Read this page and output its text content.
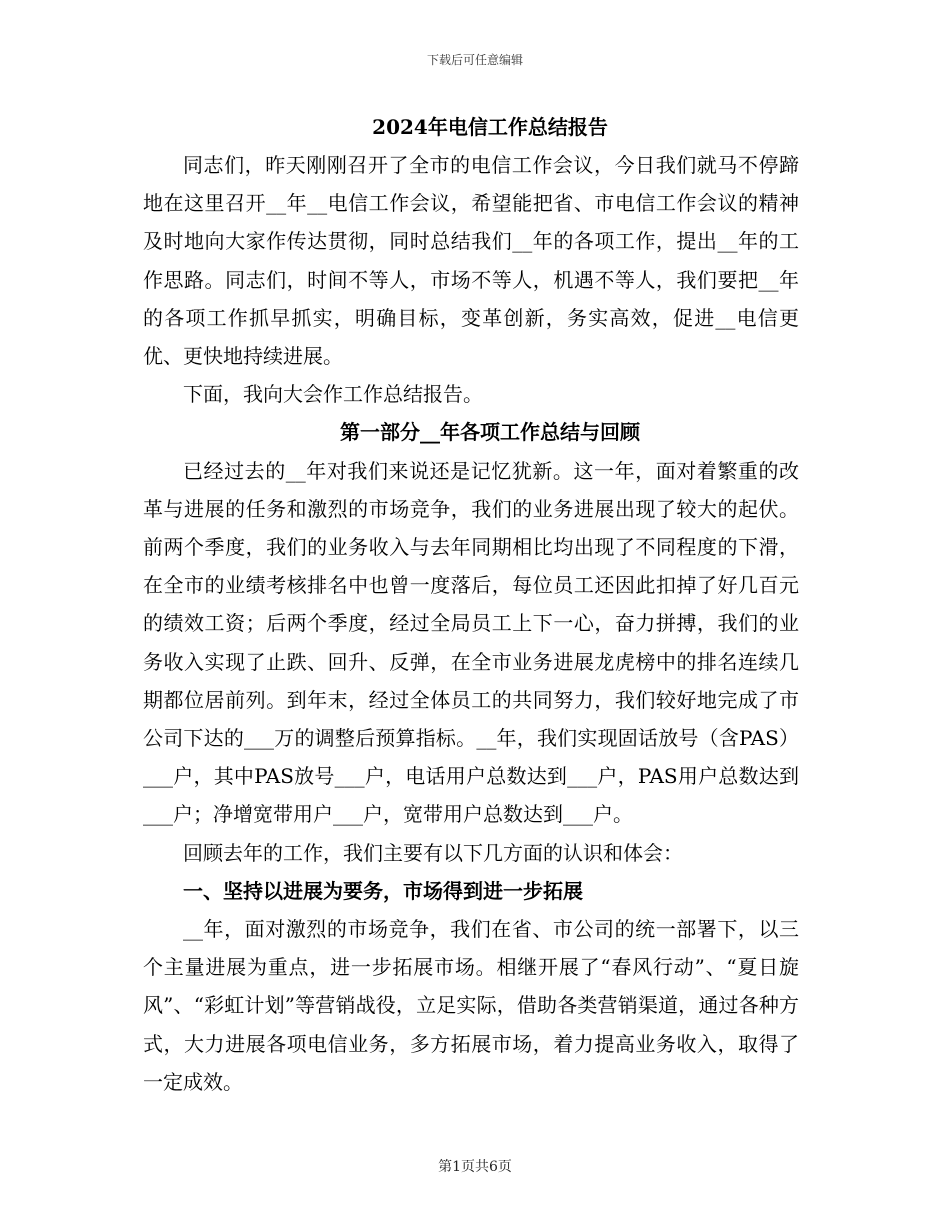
下载后可任意编辑
2024年电信工作总结报告

同志们，昨天刚刚召开了全市的电信工作会议，今日我们就马不停蹄地在这里召开__年__电信工作会议，希望能把省、市电信工作会议的精神及时地向大家作传达贯彻，同时总结我们__年的各项工作，提出__年的工作思路。同志们，时间不等人，市场不等人，机遇不等人，我们要把__年的各项工作抓早抓实，明确目标，变革创新，务实高效，促进__电信更优、更快地持续进展。

下面，我向大会作工作总结报告。

第一部分__年各项工作总结与回顾

已经过去的__年对我们来说还是记忆犹新。这一年，面对着繁重的改革与进展的任务和激烈的市场竞争，我们的业务进展出现了较大的起伏。前两个季度，我们的业务收入与去年同期相比均出现了不同程度的下滑，在全市的业绩考核排名中也曾一度落后，每位员工还因此扣掉了好几百元的绩效工资；后两个季度，经过全局员工上下一心，奋力拼搏，我们的业务收入实现了止跌、回升、反弹，在全市业务进展龙虎榜中的排名连续几期都位居前列。到年末，经过全体员工的共同努力，我们较好地完成了市公司下达的___万的调整后预算指标。__年，我们实现固话放号（含PAS）___户，其中PAS放号___户，电话用户总数达到___户，PAS用户总数达到___户；净增宽带用户___户，宽带用户总数达到___户。

回顾去年的工作，我们主要有以下几方面的认识和体会：

一、坚持以进展为要务，市场得到进一步拓展

__年，面对激烈的市场竞争，我们在省、市公司的统一部署下，以三个主量进展为重点，进一步拓展市场。相继开展了“春风行动”、“夏日旋风”、“彩虹计划”等营销战役，立足实际，借助各类营销渠道，通过各种方式，大力进展各项电信业务，多方拓展市场，着力提高业务收入，取得了一定成效。

第1页共6页
